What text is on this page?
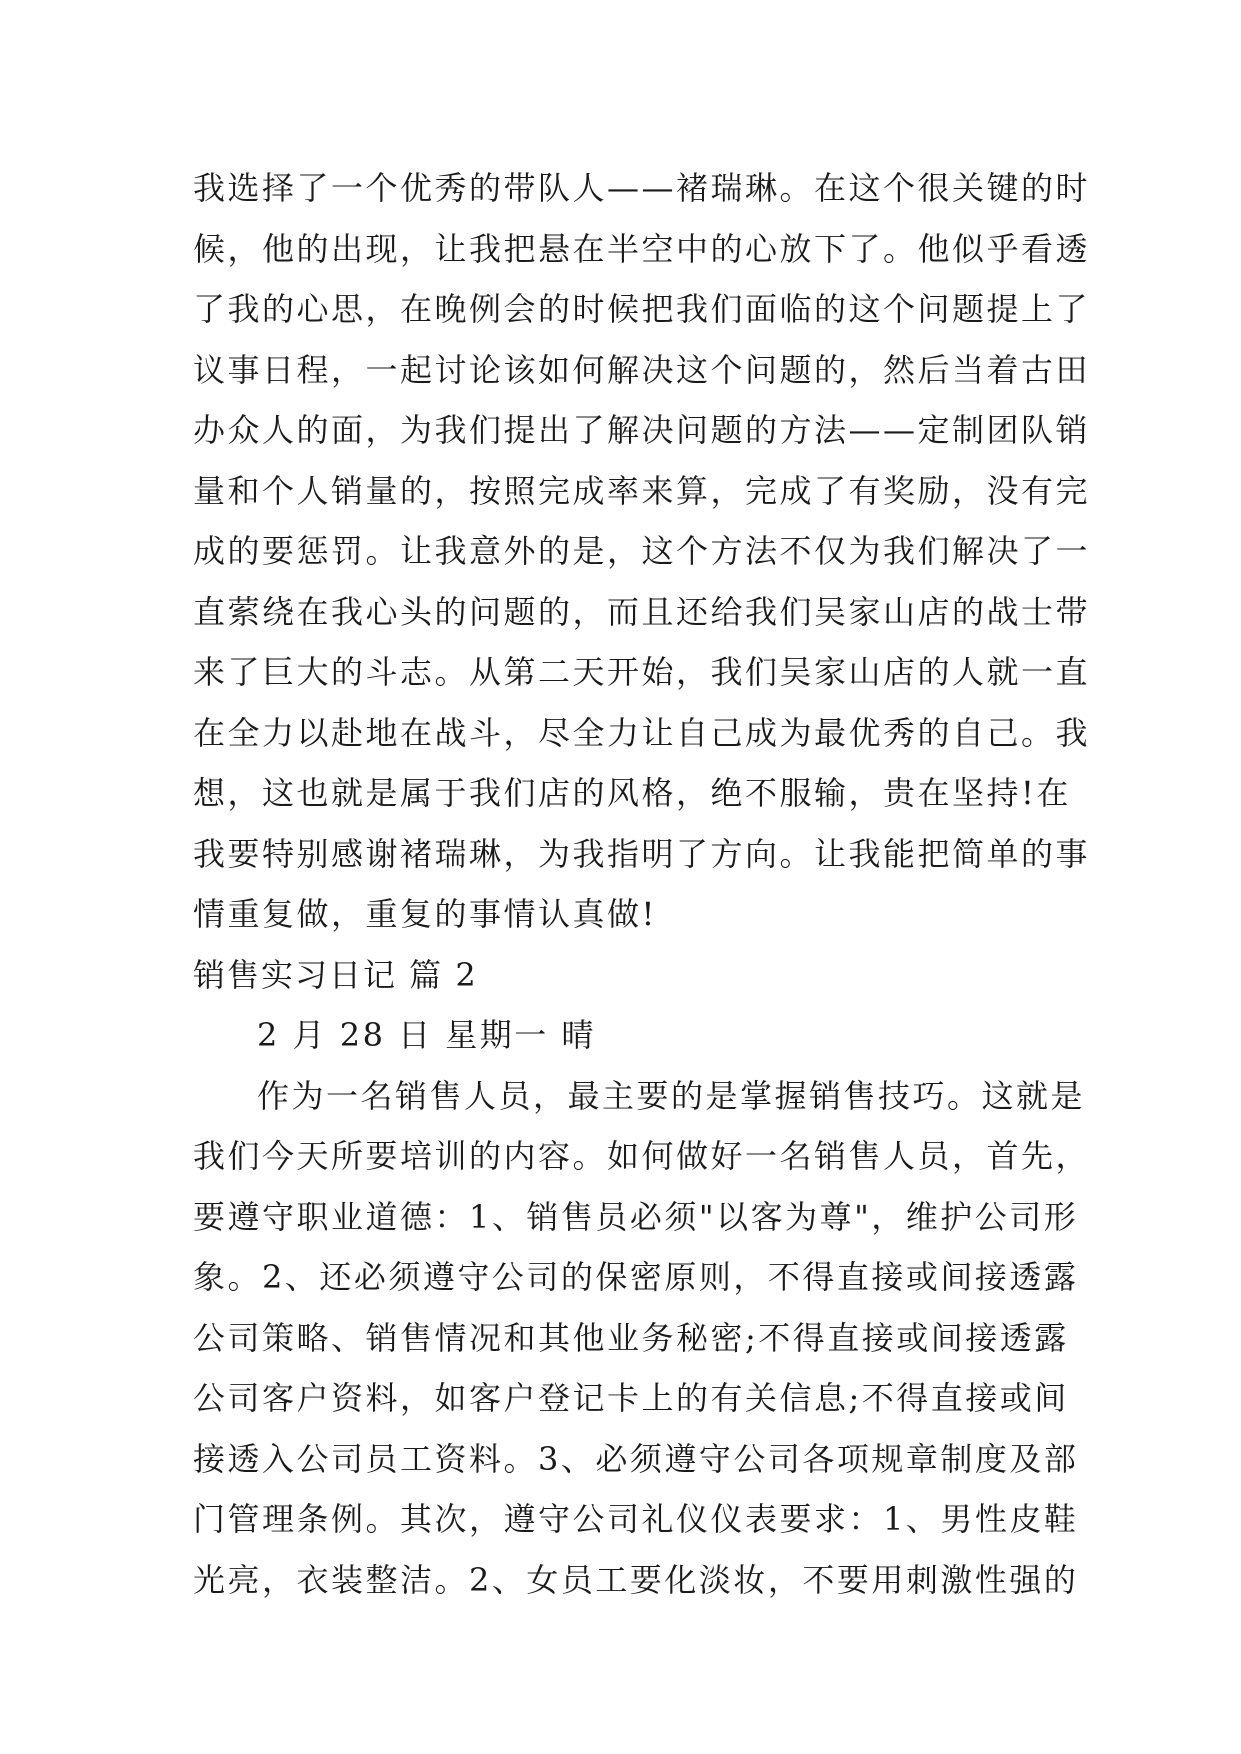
我选择了一个优秀的带队人——褚瑞琳。在这个很关键的时
候，他的出现，让我把悬在半空中的心放下了。他似乎看透
了我的心思，在晚例会的时候把我们面临的这个问题提上了
议事日程，一起讨论该如何解决这个问题的，然后当着古田
办众人的面，为我们提出了解决问题的方法——定制团队销
量和个人销量的，按照完成率来算，完成了有奖励，没有完
成的要惩罚。让我意外的是，这个方法不仅为我们解决了一
直萦绕在我心头的问题的，而且还给我们吴家山店的战士带
来了巨大的斗志。从第二天开始，我们吴家山店的人就一直
在全力以赴地在战斗，尽全力让自己成为最优秀的自己。我
想，这也就是属于我们店的风格，绝不服输，贵在坚持!在
我要特别感谢褚瑞琳，为我指明了方向。让我能把简单的事
情重复做，重复的事情认真做!
销售实习日记 篇 2
2 月 28 日 星期一 晴
作为一名销售人员，最主要的是掌握销售技巧。这就是
我们今天所要培训的内容。如何做好一名销售人员，首先，
要遵守职业道德：1、销售员必须"以客为尊"，维护公司形
象。2、还必须遵守公司的保密原则，不得直接或间接透露
公司策略、销售情况和其他业务秘密;不得直接或间接透露
公司客户资料，如客户登记卡上的有关信息;不得直接或间
接透入公司员工资料。3、必须遵守公司各项规章制度及部
门管理条例。其次，遵守公司礼仪仪表要求：1、男性皮鞋
光亮，衣装整洁。2、女员工要化淡妆，不要用刺激性强的
